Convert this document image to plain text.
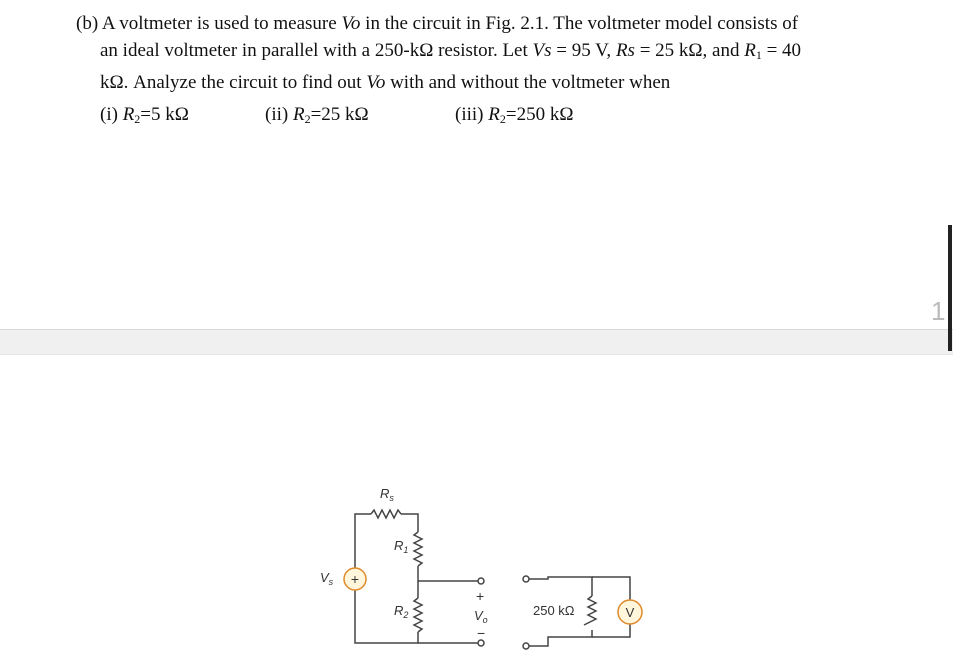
(b) A voltmeter is used to measure Vo in the circuit in Fig. 2.1. The voltmeter model consists of
an ideal voltmeter in parallel with a 250-kΩ resistor. Let Vs = 95 V, Rs = 25 kΩ, and $R_1 = 40$
kΩ. Analyze the circuit to find out Vo with and without the voltmeter when
(i) $R_2=5$ kΩ	(ii) $R_2=25$ kΩ	(iii) $R_2=250$ kΩ
1
+
V
$R_s$
$R_1$
$R_2$
$V_s$
+
$V_o$
−
250 kΩ
